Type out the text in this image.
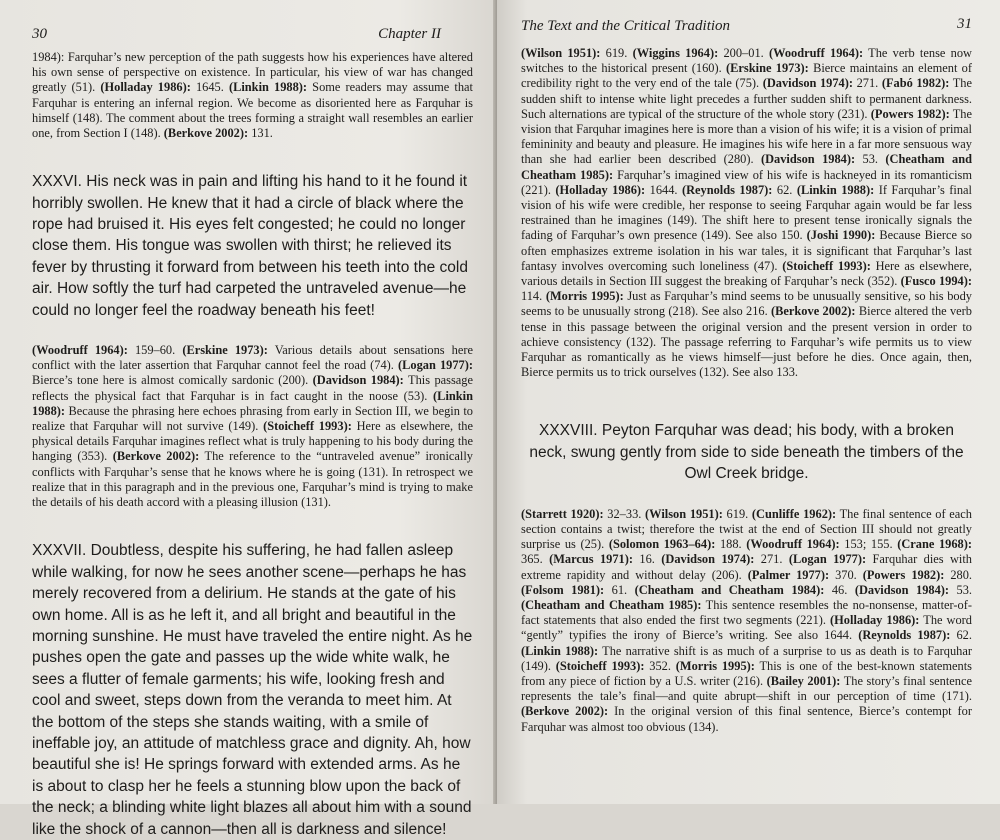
30	Chapter II

1984): Farquhar’s new perception of the path suggests how his experiences have altered his own sense of perspective on existence. In particular, his view of war has changed greatly (51). (Holladay 1986): 1645. (Linkin 1988): Some readers may assume that Farquhar is entering an infernal region. We become as disoriented here as Farquhar is himself (148). The comment about the trees forming a straight wall resembles an earlier one, from Section I (148). (Berkove 2002): 131.

XXXVI. His neck was in pain and lifting his hand to it he found it horribly swollen. He knew that it had a circle of black where the rope had bruised it. His eyes felt congested; he could no longer close them. His tongue was swollen with thirst; he relieved its fever by thrusting it forward from between his teeth into the cold air. How softly the turf had carpeted the untraveled avenue—he could no longer feel the roadway beneath his feet!

(Woodruff 1964): 159–60. (Erskine 1973): Various details about sensations here conflict with the later assertion that Farquhar cannot feel the road (74). (Logan 1977): Bierce’s tone here is almost comically sardonic (200). (Davidson 1984): This passage reflects the physical fact that Farquhar is in fact caught in the noose (53). (Linkin 1988): Because the phrasing here echoes phrasing from early in Section III, we begin to realize that Farquhar will not survive (149). (Stoicheff 1993): Here as elsewhere, the physical details Farquhar imagines reflect what is truly happening to his body during the hanging (353). (Berkove 2002): The reference to the “untraveled avenue” ironically conflicts with Farquhar’s sense that he knows where he is going (131). In retrospect we realize that in this paragraph and in the previous one, Farquhar’s mind is trying to make the details of his death accord with a pleasing illusion (131).

XXXVII. Doubtless, despite his suffering, he had fallen asleep while walking, for now he sees another scene—perhaps he has merely recovered from a delirium. He stands at the gate of his own home. All is as he left it, and all bright and beautiful in the morning sunshine. He must have traveled the entire night. As he pushes open the gate and passes up the wide white walk, he sees a flutter of female garments; his wife, looking fresh and cool and sweet, steps down from the veranda to meet him. At the bottom of the steps she stands waiting, with a smile of ineffable joy, an attitude of matchless grace and dignity. Ah, how beautiful she is! He springs forward with extended arms. As he is about to clasp her he feels a stunning blow upon the back of the neck; a blinding white light blazes all about him with a sound like the shock of a cannon—then all is darkness and silence!

The Text and the Critical Tradition	31

(Wilson 1951): 619. (Wiggins 1964): 200–01. (Woodruff 1964): The verb tense now switches to the historical present (160). (Erskine 1973): Bierce maintains an element of credibility right to the very end of the tale (75). (Davidson 1974): 271. (Fabó 1982): The sudden shift to intense white light precedes a further sudden shift to permanent darkness. Such alternations are typical of the structure of the whole story (231). (Powers 1982): The vision that Farquhar imagines here is more than a vision of his wife; it is a vision of primal femininity and beauty and pleasure. He imagines his wife here in a far more sensuous way than she had earlier been described (280). (Davidson 1984): 53. (Cheatham and Cheatham 1985): Farquhar’s imagined view of his wife is hackneyed in its romanticism (221). (Holladay 1986): 1644. (Reynolds 1987): 62. (Linkin 1988): If Farquhar’s final vision of his wife were credible, her response to seeing Farquhar again would be far less restrained than he imagines (149). The shift here to present tense ironically signals the fading of Farquhar’s own presence (149). See also 150. (Joshi 1990): Because Bierce so often emphasizes extreme isolation in his war tales, it is significant that Farquhar’s last fantasy involves overcoming such loneliness (47). (Stoicheff 1993): Here as elsewhere, various details in Section III suggest the breaking of Farquhar’s neck (352). (Fusco 1994): 114. (Morris 1995): Just as Farquhar’s mind seems to be unusually sensitive, so his body seems to be unusually strong (218). See also 216. (Berkove 2002): Bierce altered the verb tense in this passage between the original version and the present version in order to achieve consistency (132). The passage referring to Farquhar’s wife permits us to view Farquhar as romantically as he views himself—just before he dies. Once again, then, Bierce permits us to trick ourselves (132). See also 133.

XXXVIII. Peyton Farquhar was dead; his body, with a broken neck, swung gently from side to side beneath the timbers of the Owl Creek bridge.

(Starrett 1920): 32–33. (Wilson 1951): 619. (Cunliffe 1962): The final sentence of each section contains a twist; therefore the twist at the end of Section III should not greatly surprise us (25). (Solomon 1963–64): 188. (Woodruff 1964): 153; 155. (Crane 1968): 365. (Marcus 1971): 16. (Davidson 1974): 271. (Logan 1977): Farquhar dies with extreme rapidity and without delay (206). (Palmer 1977): 370. (Powers 1982): 280. (Folsom 1981): 61. (Cheatham and Cheatham 1984): 46. (Davidson 1984): 53. (Cheatham and Cheatham 1985): This sentence resembles the no-nonsense, matter-of-fact statements that also ended the first two segments (221). (Holladay 1986): The word “gently” typifies the irony of Bierce’s writing. See also 1644. (Reynolds 1987): 62. (Linkin 1988): The narrative shift is as much of a surprise to us as death is to Farquhar (149). (Stoicheff 1993): 352. (Morris 1995): This is one of the best-known statements from any piece of fiction by a U.S. writer (216). (Bailey 2001): The story’s final sentence represents the tale’s final—and quite abrupt—shift in our perception of time (171). (Berkove 2002): In the original version of this final sentence, Bierce’s contempt for Farquhar was almost too obvious (134).
